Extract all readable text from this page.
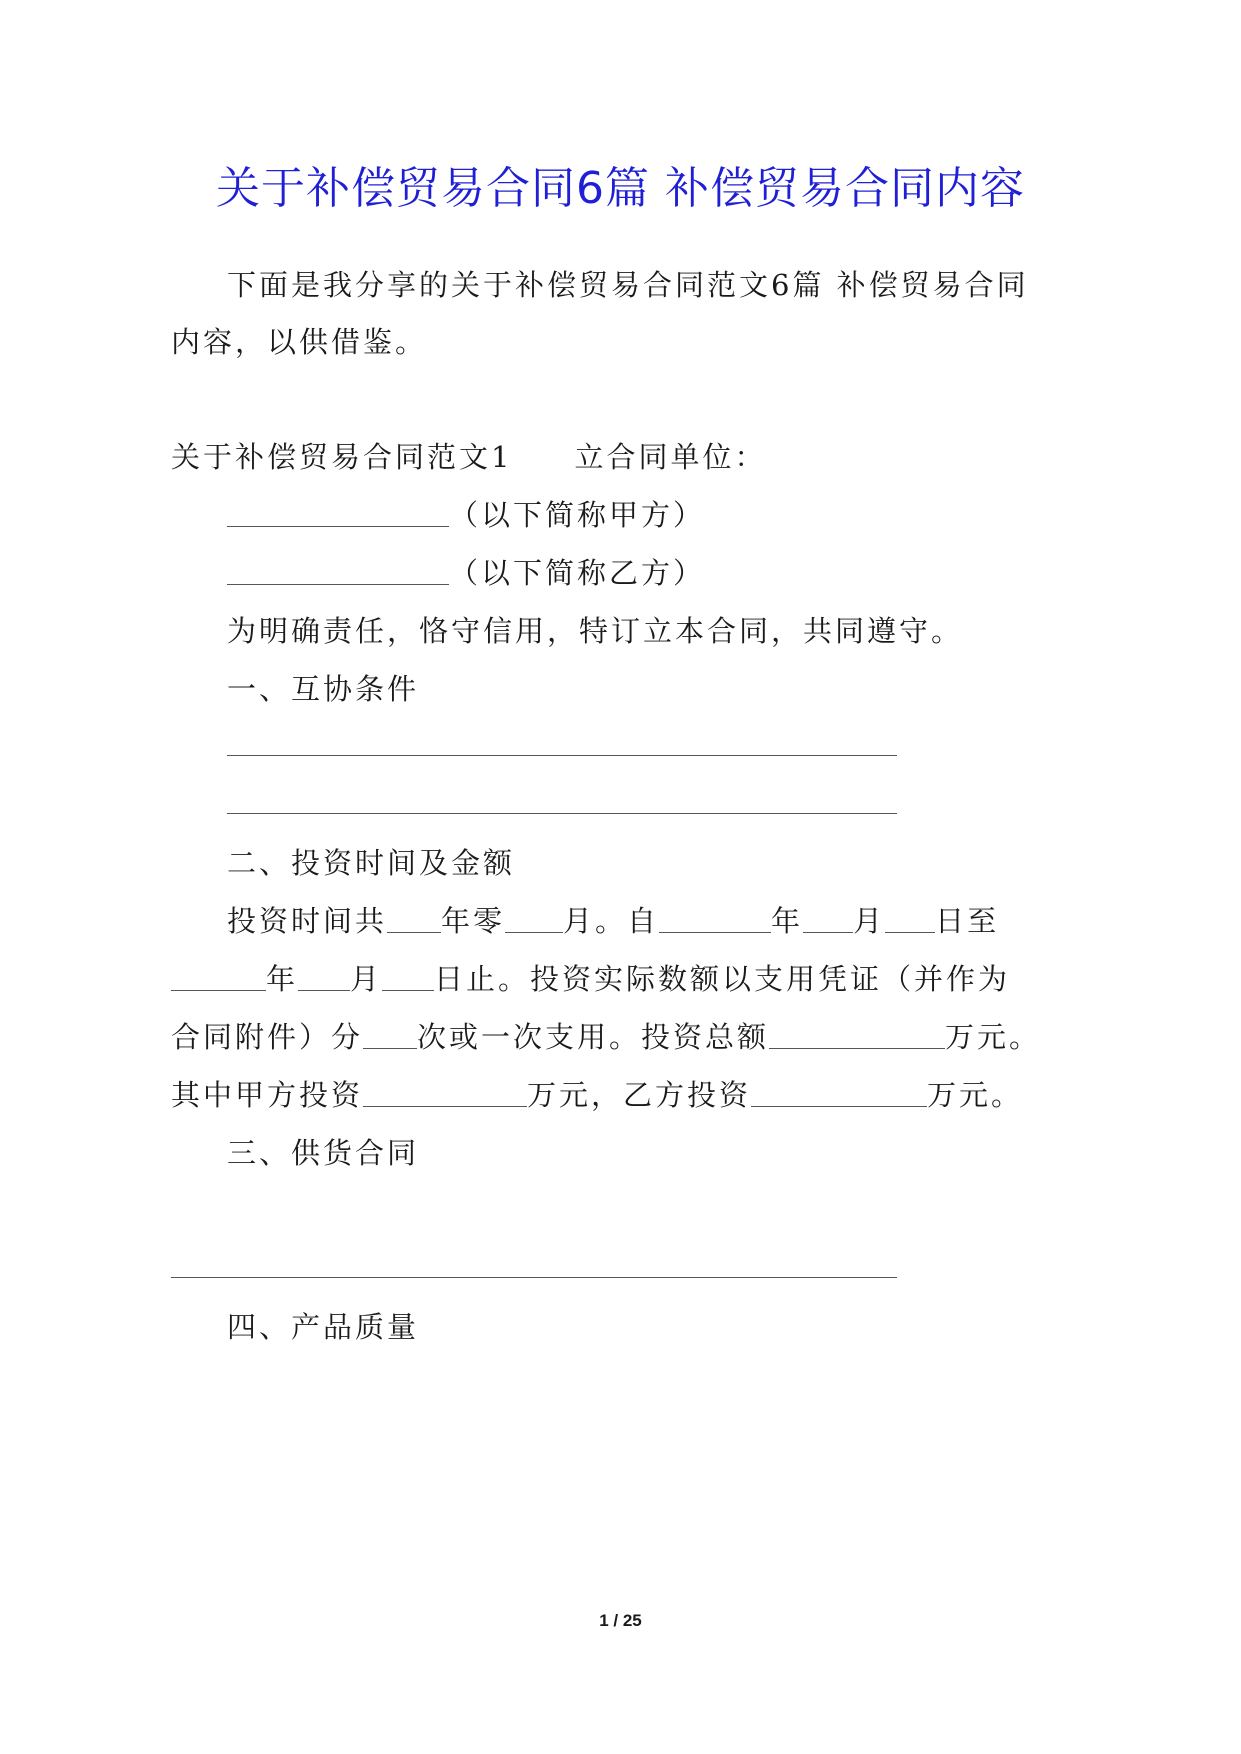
关于补偿贸易合同6篇 补偿贸易合同内容
下面是我分享的关于补偿贸易合同范文6篇 补偿贸易合同
内容，以供借鉴。
关于补偿贸易合同范文1 立合同单位：
（以下简称甲方）
（以下简称乙方）
为明确责任，恪守信用，特订立本合同，共同遵守。
一、互协条件
二、投资时间及金额
投资时间共 年零 月。自	年 月 日至
年 月 日止。投资实际数额以支用凭证（并作为
合同附件）分 次或一次支用。投资总额	万元。
其中甲方投资	万元，乙方投资	万元。
三、供货合同
四、产品质量
1 / 25
